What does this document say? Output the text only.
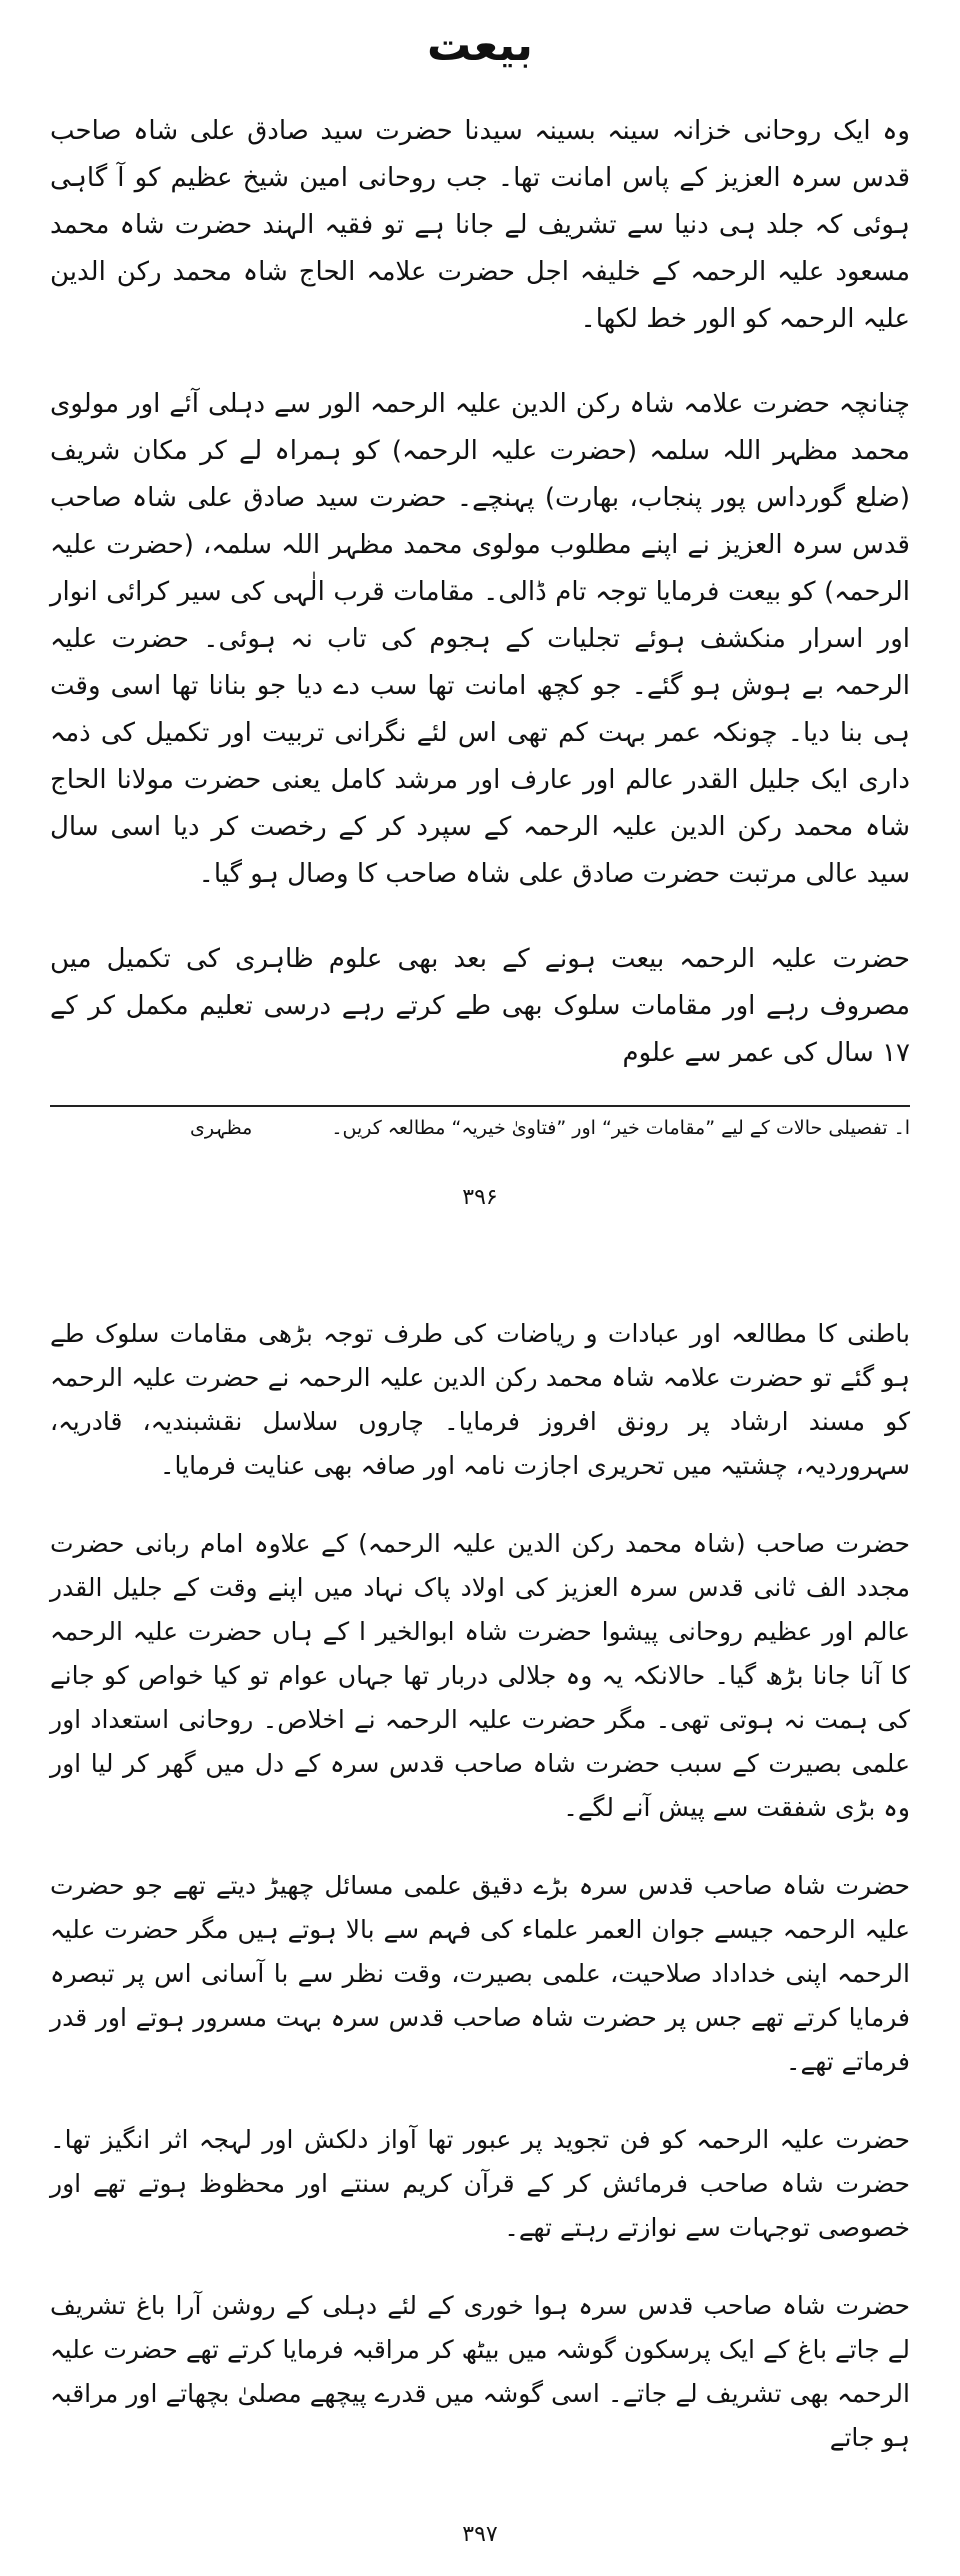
بیعت
وہ ایک روحانی خزانہ سینہ بسینہ سیدنا حضرت سید صادق علی شاہ صاحب قدس سرہ العزیز کے پاس امانت تھا۔ جب روحانی امین شیخ عظیم کو آ گاہی ہوئی کہ جلد ہی دنیا سے تشریف لے جانا ہے تو فقیہ الہند حضرت شاہ محمد مسعود علیہ الرحمہ کے خلیفہ اجل حضرت علامہ الحاج شاہ محمد رکن الدین علیہ الرحمہ کو الور خط لکھا۔
چنانچہ حضرت علامہ شاہ رکن الدین علیہ الرحمہ الور سے دہلی آئے اور مولوی محمد مظہر اللہ سلمہ (حضرت علیہ الرحمہ) کو ہمراہ لے کر مکان شریف (ضلع گورداس پور پنجاب، بھارت) پہنچے۔ حضرت سید صادق علی شاہ صاحب قدس سرہ العزیز نے اپنے مطلوب مولوی محمد مظہر اللہ سلمہ، (حضرت علیہ الرحمہ) کو بیعت فرمایا توجہ تام ڈالی۔ مقامات قرب الٰہی کی سیر کرائی انوار اور اسرار منکشف ہوئے تجلیات کے ہجوم کی تاب نہ ہوئی۔ حضرت علیہ الرحمہ بے ہوش ہو گئے۔ جو کچھ امانت تھا سب دے دیا جو بنانا تھا اسی وقت ہی بنا دیا۔ چونکہ عمر بہت کم تھی اس لئے نگرانی تربیت اور تکمیل کی ذمہ داری ایک جلیل القدر عالم اور عارف اور مرشد کامل یعنی حضرت مولانا الحاج شاہ محمد رکن الدین علیہ الرحمہ کے سپرد کر کے رخصت کر دیا اسی سال سید عالی مرتبت حضرت صادق علی شاہ صاحب کا وصال ہو گیا۔
حضرت علیہ الرحمہ بیعت ہونے کے بعد بھی علوم ظاہری کی تکمیل میں مصروف رہے اور مقامات سلوک بھی طے کرتے رہے درسی تعلیم مکمل کر کے ۱۷ سال کی عمر سے علوم
ا۔ تفصیلی حالات کے لیے ”مقامات خیر“ اور ”فتاویٰ خیریہ“ مطالعہ کریں۔
مظہری
۳۹۶
باطنی کا مطالعہ اور عبادات و ریاضات کی طرف توجہ بڑھی مقامات سلوک طے ہو گئے تو حضرت علامہ شاہ محمد رکن الدین علیہ الرحمہ نے حضرت علیہ الرحمہ کو مسند ارشاد پر رونق افروز فرمایا۔ چاروں سلاسل نقشبندیہ، قادریہ، سہروردیہ، چشتیہ میں تحریری اجازت نامہ اور صافہ بھی عنایت فرمایا۔
حضرت صاحب (شاہ محمد رکن الدین علیہ الرحمہ) کے علاوہ امام ربانی حضرت مجدد الف ثانی قدس سرہ العزیز کی اولاد پاک نہاد میں اپنے وقت کے جلیل القدر عالم اور عظیم روحانی پیشوا حضرت شاہ ابوالخیر ا کے ہاں حضرت علیہ الرحمہ کا آنا جانا بڑھ گیا۔ حالانکہ یہ وہ جلالی دربار تھا جہاں عوام تو کیا خواص کو جانے کی ہمت نہ ہوتی تھی۔ مگر حضرت علیہ الرحمہ نے اخلاص۔ روحانی استعداد اور علمی بصیرت کے سبب حضرت شاہ صاحب قدس سرہ کے دل میں گھر کر لیا اور وہ بڑی شفقت سے پیش آنے لگے۔
حضرت شاہ صاحب قدس سرہ بڑے دقیق علمی مسائل چھیڑ دیتے تھے جو حضرت علیہ الرحمہ جیسے جوان العمر علماء کی فہم سے بالا ہوتے ہیں مگر حضرت علیہ الرحمہ اپنی خداداد صلاحیت، علمی بصیرت، وقت نظر سے با آسانی اس پر تبصرہ فرمایا کرتے تھے جس پر حضرت شاہ صاحب قدس سرہ بہت مسرور ہوتے اور قدر فرماتے تھے۔
حضرت علیہ الرحمہ کو فن تجوید پر عبور تھا آواز دلکش اور لہجہ اثر انگیز تھا۔ حضرت شاہ صاحب فرمائش کر کے قرآن کریم سنتے اور محظوظ ہوتے تھے اور خصوصی توجہات سے نوازتے رہتے تھے۔
حضرت شاہ صاحب قدس سرہ ہوا خوری کے لئے دہلی کے روشن آرا باغ تشریف لے جاتے باغ کے ایک پرسکون گوشہ میں بیٹھ کر مراقبہ فرمایا کرتے تھے حضرت علیہ الرحمہ بھی تشریف لے جاتے۔ اسی گوشہ میں قدرے پیچھے مصلیٰ بچھاتے اور مراقبہ ہو جاتے
۳۹۷
